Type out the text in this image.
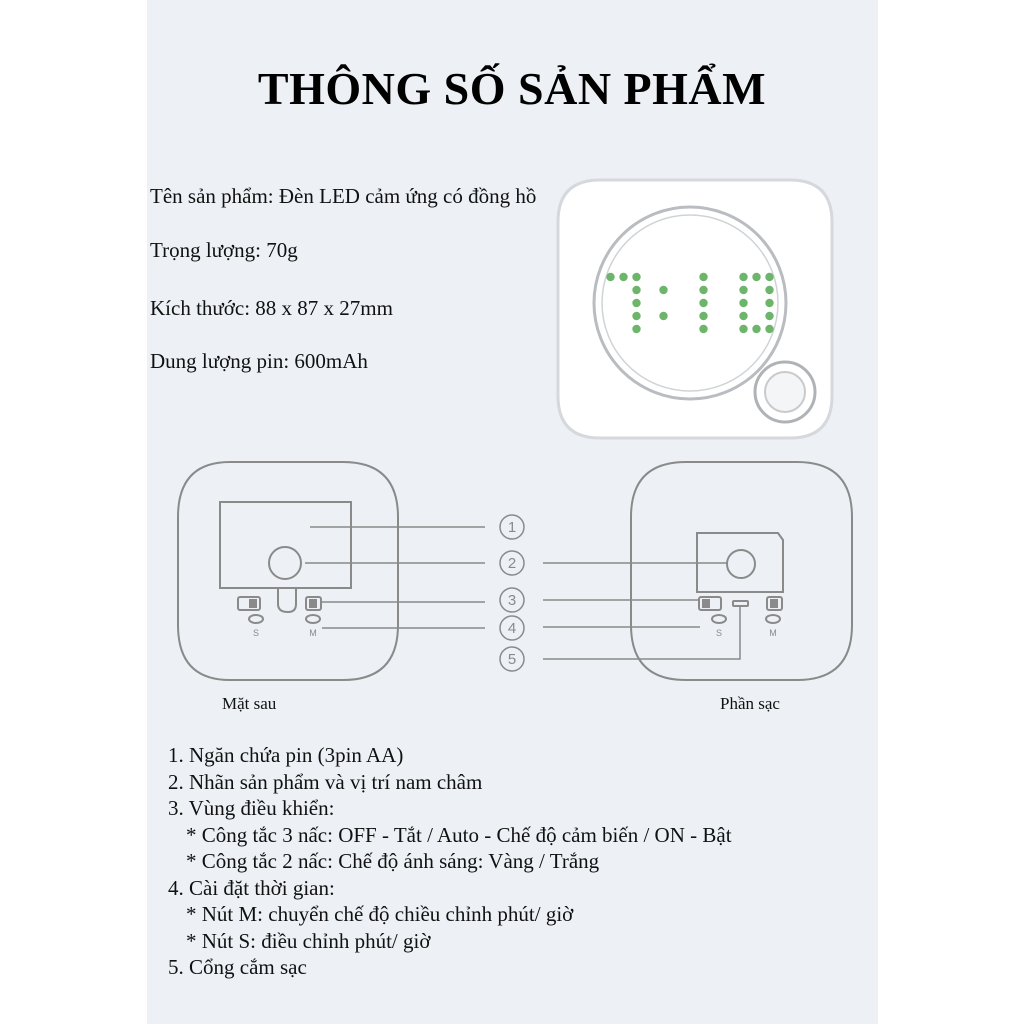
THÔNG SỐ SẢN PHẨM
Tên sản phẩm: Đèn LED cảm ứng có đồng hồ
Trọng lượng: 70g
Kích thước: 88 x 87 x 27mm
Dung lượng pin: 600mAh
S	M	S	M
1
2
3
4
5
Mặt sau	Phần sạc
1. Ngăn chứa pin (3pin AA)
2. Nhãn sản phẩm và vị trí nam châm
3. Vùng điều khiển:
* Công tắc 3 nấc: OFF - Tắt / Auto - Chế độ cảm biến / ON - Bật
* Công tắc 2 nấc: Chế độ ánh sáng: Vàng / Trắng
4. Cài đặt thời gian:
* Nút M: chuyển chế độ chiều chỉnh phút/ giờ
* Nút S: điều chỉnh phút/ giờ
5. Cổng cắm sạc
